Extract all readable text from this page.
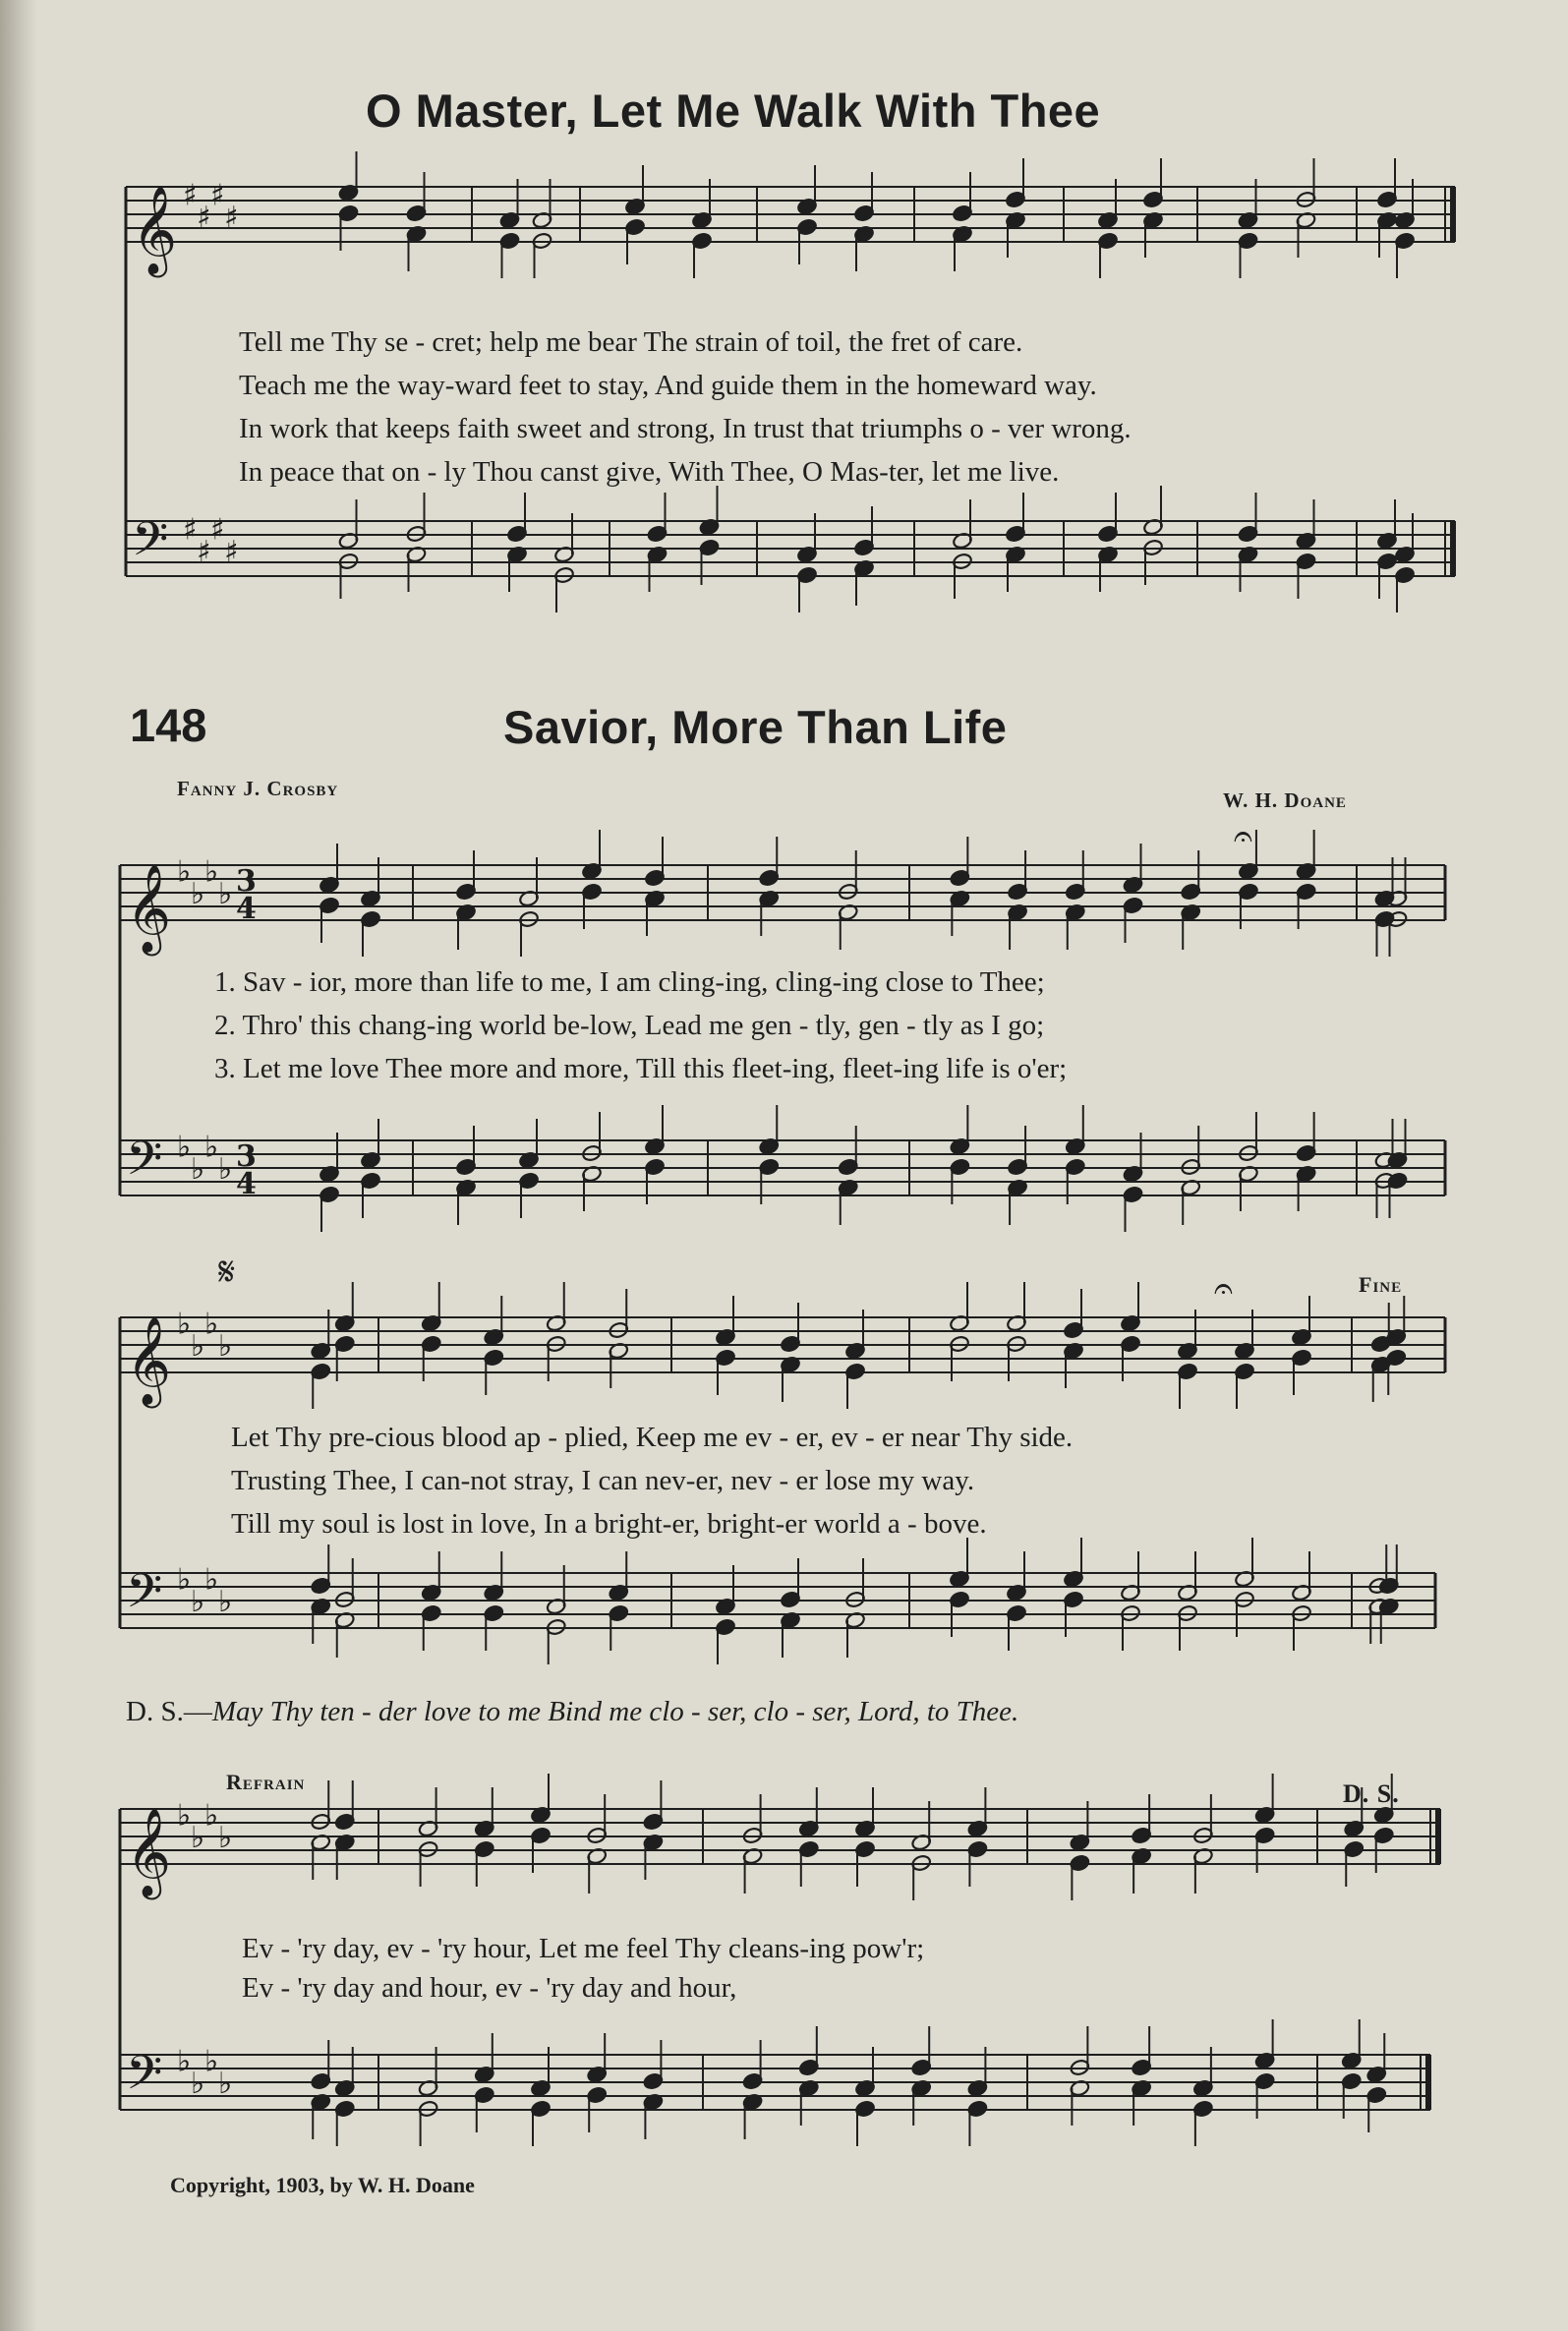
O Master, Let Me Walk With Thee
𝄞 ♯
♯
♯
♯
𝄢 ♯
♯
♯
♯
𝄞 ♭
♭
♭
♭ 3
4
𝄢 ♭
♭
♭
♭ 3
4
𝄞 ♭
♭
♭
♭
𝄢 ♭
♭
♭
♭
𝄞 ♭
♭
♭
♭
𝄢 ♭
♭
♭
♭
𝄐
𝄐
Tell me Thy se - cret; help me bear The strain of toil, the fret of care.
Teach me the way-ward feet to stay, And guide them in the homeward way.
In work that keeps faith sweet and strong, In trust that triumphs o - ver wrong.
In peace that on - ly Thou canst give, With Thee, O Mas-ter, let me live.
148	Savior, More Than Life
Fanny J. Crosby	W. H. Doane
1. Sav - ior, more than life to me, I am cling-ing, cling-ing close to Thee;
2. Thro' this chang-ing world be-low, Lead me gen - tly, gen - tly as I go;
3. Let me love Thee more and more, Till this fleet-ing, fleet-ing life is o'er;
Fine
𝄋
Let Thy pre-cious blood ap - plied, Keep me ev - er, ev - er near Thy side.
Trusting Thee, I can-not stray, I can nev-er, nev - er lose my way.
Till my soul is lost in love, In a bright-er, bright-er world a - bove.
D. S.—May Thy ten - der love to me Bind me clo - ser, clo - ser, Lord, to Thee.
Refrain	D. S.
Ev - 'ry day, ev - 'ry hour, Let me feel Thy cleans-ing pow'r;
Ev - 'ry day and hour, ev - 'ry day and hour,
Copyright, 1903, by W. H. Doane
